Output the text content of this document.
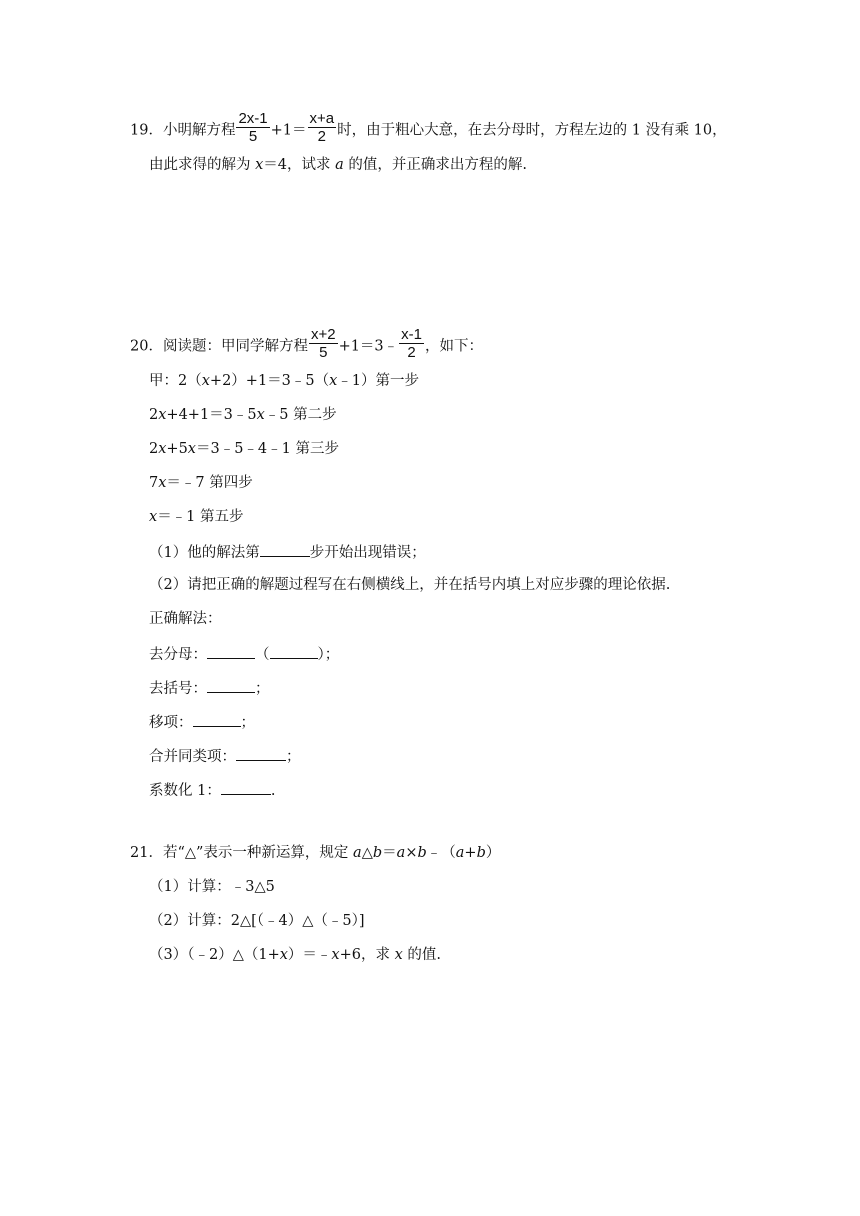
19．小明解方程 $\frac{2x-1}{5} +1= \frac{x+a}{2}$ 时，由于粗心大意，在去分母时，方程左边的 1 没有乘 10，
由此求得的解为 x＝4，试求 a 的值，并正确求出方程的解.
20．阅读题：甲同学解方程 $\frac{x+2}{5}$ +1＝3﹣ $\frac{x-1}{2}$ ，如下：
甲：2（x+2）+1＝3﹣5（x﹣1）第一步
2x+4+1＝3﹣5x﹣5 第二步
2x+5x＝3﹣5﹣4﹣1 第三步
7x＝﹣7 第四步
x＝﹣1 第五步
（1）他的解法第	步开始出现错误；
（2）请把正确的解题过程写在右侧横线上，并在括号内填上对应步骤的理论依据.
正确解法：
去分母：	（	）；
去括号：	；
移项：	；
合并同类项：	；
系数化 1：	.
21．若“△”表示一种新运算，规定 a△b＝a×b﹣（a+b）
（1）计算：﹣3△5
（2）计算：2△[（﹣4）△（﹣5）]
（3）（﹣2）△（1+x）＝﹣x+6，求 x 的值.
